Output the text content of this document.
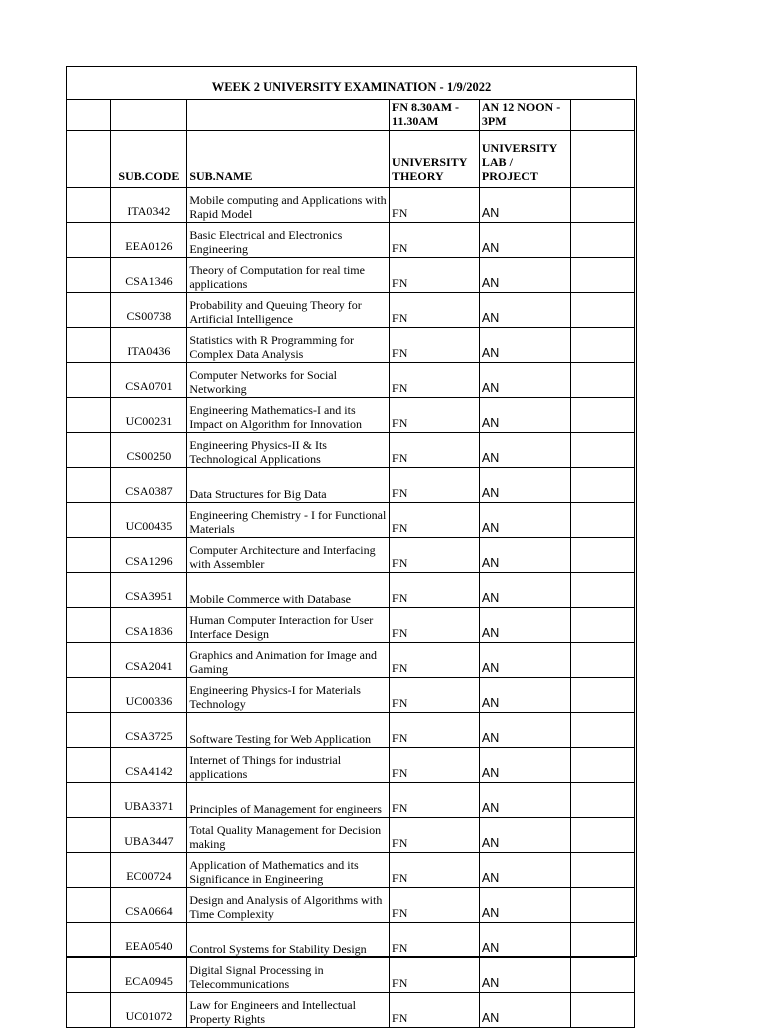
WEEK 2 UNIVERSITY EXAMINATION - 1/9/2022
			FN 8.30AM - 11.30AM	AN 12 NOON - 3PM	
	SUB.CODE	SUB.NAME	UNIVERSITY THEORY	UNIVERSITY LAB / PROJECT	
	ITA0342	Mobile computing and Applications with Rapid Model	FN	AN	
	EEA0126	Basic Electrical and Electronics Engineering	FN	AN	
	CSA1346	Theory of Computation for real time applications	FN	AN	
	CS00738	Probability and Queuing Theory for Artificial Intelligence	FN	AN	
	ITA0436	Statistics with R Programming for Complex Data Analysis	FN	AN	
	CSA0701	Computer Networks for Social Networking	FN	AN	
	UC00231	Engineering Mathematics-I and its Impact on Algorithm for Innovation	FN	AN	
	CS00250	Engineering Physics-II & Its Technological Applications	FN	AN	
	CSA0387	Data Structures for Big Data	FN	AN	
	UC00435	Engineering Chemistry - I for Functional Materials	FN	AN	
	CSA1296	Computer Architecture and Interfacing with Assembler	FN	AN	
	CSA3951	Mobile Commerce with Database	FN	AN	
	CSA1836	Human Computer Interaction for User Interface Design	FN	AN	
	CSA2041	Graphics and Animation for Image and Gaming	FN	AN	
	UC00336	Engineering Physics-I for Materials Technology	FN	AN	
	CSA3725	Software Testing for Web Application	FN	AN	
	CSA4142	Internet of Things for industrial applications	FN	AN	
	UBA3371	Principles of Management for engineers	FN	AN	
	UBA3447	Total Quality Management for Decision making	FN	AN	
	EC00724	Application of Mathematics and its Significance in Engineering	FN	AN	
	CSA0664	Design and Analysis of Algorithms with Time Complexity	FN	AN	
	EEA0540	Control Systems for Stability Design	FN	AN	
	ECA0945	Digital Signal Processing in Telecommunications	FN	AN	
	UC01072	Law for Engineers and Intellectual Property Rights	FN	AN	
